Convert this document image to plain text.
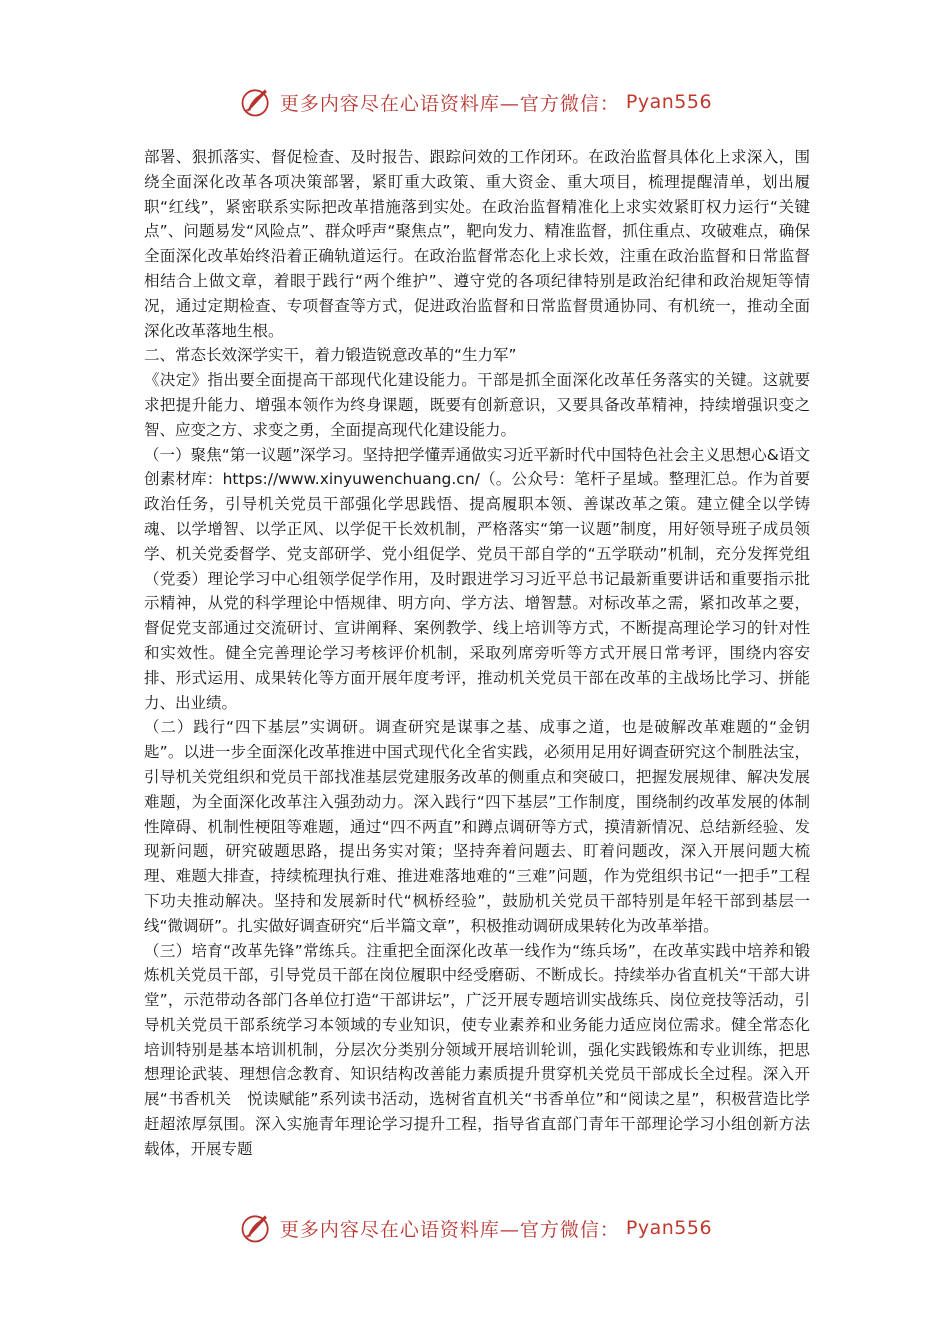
更多内容尽在心语资料库—官方微信： Pyan556

部署、狠抓落实、督促检查、及时报告、跟踪问效的工作闭环。在政治监督具体化上求深入，围绕全面深化改革各项决策部署，紧盯重大政策、重大资金、重大项目，梳理提醒清单，划出履职“红线”，紧密联系实际把改革措施落到实处。在政治监督精准化上求实效紧盯权力运行“关键点”、问题易发“风险点”、群众呼声“聚焦点”，靶向发力、精准监督，抓住重点、攻破难点，确保全面深化改革始终沿着正确轨道运行。在政治监督常态化上求长效，注重在政治监督和日常监督相结合上做文章，着眼于践行“两个维护”、遵守党的各项纪律特别是政治纪律和政治规矩等情况，通过定期检查、专项督查等方式，促进政治监督和日常监督贯通协同、有机统一，推动全面深化改革落地生根。

二、常态长效深学实干，着力锻造锐意改革的“生力军”

《决定》指出要全面提高干部现代化建设能力。干部是抓全面深化改革任务落实的关键。这就要求把提升能力、增强本领作为终身课题，既要有创新意识，又要具备改革精神，持续增强识变之智、应变之方、求变之勇，全面提高现代化建设能力。

（一）聚焦“第一议题”深学习。坚持把学懂弄通做实习近平新时代中国特色社会主义思想心&语文创素材库：https://www.xinyuwenchuang.cn/（。公众号：笔杆子星域。整理汇总。作为首要政治任务，引导机关党员干部强化学思践悟、提高履职本领、善谋改革之策。建立健全以学铸魂、以学增智、以学正风、以学促干长效机制，严格落实“第一议题”制度，用好领导班子成员领学、机关党委督学、党支部研学、党小组促学、党员干部自学的“五学联动”机制，充分发挥党组（党委）理论学习中心组领学促学作用，及时跟进学习习近平总书记最新重要讲话和重要指示批示精神，从党的科学理论中悟规律、明方向、学方法、增智慧。对标改革之需，紧扣改革之要，督促党支部通过交流研讨、宣讲阐释、案例教学、线上培训等方式，不断提高理论学习的针对性和实效性。健全完善理论学习考核评价机制，采取列席旁听等方式开展日常考评，围绕内容安排、形式运用、成果转化等方面开展年度考评，推动机关党员干部在改革的主战场比学习、拼能力、出业绩。

（二）践行“四下基层”实调研。调查研究是谋事之基、成事之道，也是破解改革难题的“金钥匙”。以进一步全面深化改革推进中国式现代化全省实践，必须用足用好调查研究这个制胜法宝，引导机关党组织和党员干部找准基层党建服务改革的侧重点和突破口，把握发展规律、解决发展难题，为全面深化改革注入强劲动力。深入践行“四下基层”工作制度，围绕制约改革发展的体制性障碍、机制性梗阻等难题，通过“四不两直”和蹲点调研等方式，摸清新情况、总结新经验、发现新问题，研究破题思路，提出务实对策；坚持奔着问题去、盯着问题改，深入开展问题大梳理、难题大排查，持续梳理执行难、推进难落地难的“三难”问题，作为党组织书记“一把手”工程下功夫推动解决。坚持和发展新时代“枫桥经验”，鼓励机关党员干部特别是年轻干部到基层一线“微调研”。扎实做好调查研究“后半篇文章”，积极推动调研成果转化为改革举措。

（三）培育“改革先锋”常练兵。注重把全面深化改革一线作为“练兵场”，在改革实践中培养和锻炼机关党员干部，引导党员干部在岗位履职中经受磨砺、不断成长。持续举办省直机关“干部大讲堂”，示范带动各部门各单位打造“干部讲坛”，广泛开展专题培训实战练兵、岗位竞技等活动，引导机关党员干部系统学习本领域的专业知识，使专业素养和业务能力适应岗位需求。健全常态化培训特别是基本培训机制，分层次分类别分领域开展培训轮训，强化实践锻炼和专业训练，把思想理论武装、理想信念教育、知识结构改善能力素质提升贯穿机关党员干部成长全过程。深入开展“书香机关　悦读赋能”系列读书活动，选树省直机关“书香单位”和“阅读之星”，积极营造比学赶超浓厚氛围。深入实施青年理论学习提升工程，指导省直部门青年干部理论学习小组创新方法载体，开展专题

更多内容尽在心语资料库—官方微信： Pyan556
